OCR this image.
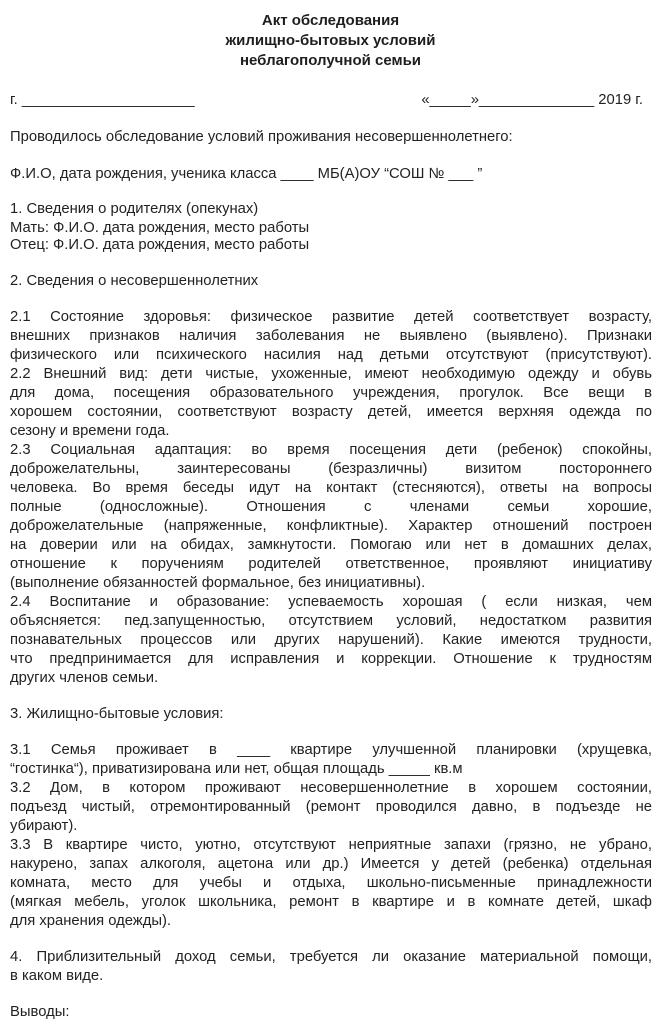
Акт обследования
жилищно-бытовых условий
неблагополучной семьи
г. _____________________	«_____»______________ 2019 г.
Проводилось обследование условий проживания несовершеннолетнего:
Ф.И.О, дата рождения, ученика класса ____ МБ(А)ОУ “СОШ № ___ ”
1. Сведения о родителях (опекунах)
Мать: Ф.И.О. дата рождения, место работы
Отец: Ф.И.О. дата рождения, место работы
2. Сведения о несовершеннолетних
2.1 Состояние здоровья: физическое развитие детей соответствует возрасту,
внешних признаков наличия заболевания не выявлено (выявлено). Признаки
физического или психического насилия над детьми отсутствуют (присутствуют).
2.2 Внешний вид: дети чистые, ухоженные, имеют необходимую одежду и обувь
для дома, посещения образовательного учреждения, прогулок. Все вещи в
хорошем состоянии, соответствуют возрасту детей, имеется верхняя одежда по
сезону и времени года.
2.3 Социальная адаптация: во время посещения дети (ребенок) спокойны,
доброжелательны, заинтересованы (безразличны) визитом постороннего
человека. Во время беседы идут на контакт (стесняются), ответы на вопросы
полные (односложные). Отношения с членами семьи хорошие,
доброжелательные (напряженные, конфликтные). Характер отношений построен
на доверии или на обидах, замкнутости. Помогаю или нет в домашних делах,
отношение к поручениям родителей ответственное, проявляют инициативу
(выполнение обязанностей формальное, без инициативны).
2.4 Воспитание и образование: успеваемость хорошая ( если низкая, чем
объясняется: пед.запущенностью, отсутствием условий, недостатком развития
познавательных процессов или других нарушений). Какие имеются трудности,
что предпринимается для исправления и коррекции. Отношение к трудностям
других членов семьи.
3. Жилищно-бытовые условия:
3.1 Семья проживает в ____ квартире улучшенной планировки (хрущевка,
“гостинка“), приватизирована или нет, общая площадь _____ кв.м
3.2 Дом, в котором проживают несовершеннолетние в хорошем состоянии,
подъезд чистый, отремонтированный (ремонт проводился давно, в подъезде не
убирают).
3.3 В квартире чисто, уютно, отсутствуют неприятные запахи (грязно, не убрано,
накурено, запах алкоголя, ацетона или др.) Имеется у детей (ребенка) отдельная
комната, место для учебы и отдыха, школьно-письменные принадлежности
(мягкая мебель, уголок школьника, ремонт в квартире и в комнате детей, шкаф
для хранения одежды).
4. Приблизительный доход семьи, требуется ли оказание материальной помощи,
в каком виде.
Выводы:
